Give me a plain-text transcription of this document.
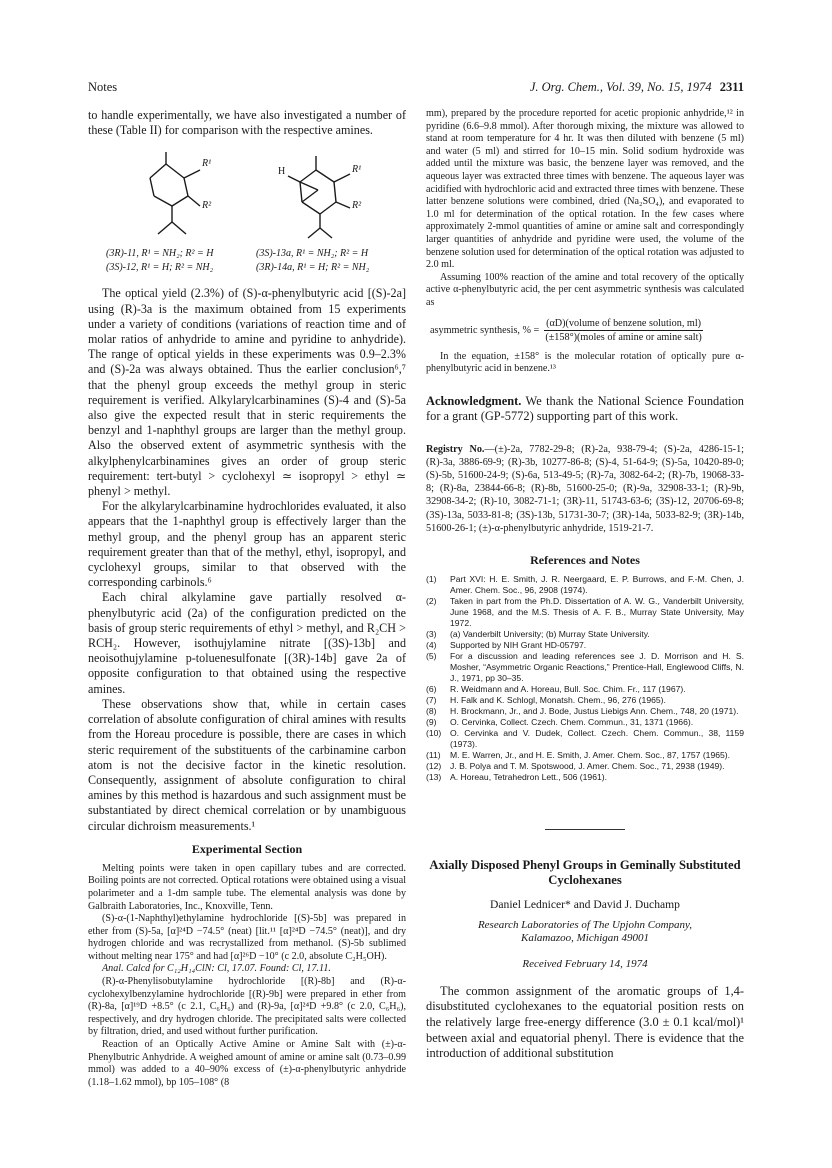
Notes	J. Org. Chem., Vol. 39, No. 15, 1974 2311

to handle experimentally, we have also investigated a number of these (Table II) for comparison with the respective amines.

R¹
R²
H	R¹
R²
(3R)-11, R¹ = NH₂; R² = H
(3S)-12, R¹ = H; R² = NH₂
(3S)-13a, R¹ = NH₂; R² = H
(3R)-14a, R¹ = H; R² = NH₂

The optical yield (2.3%) of (S)-α-phenylbutyric acid [(S)-2a] using (R)-3a is the maximum obtained from 15 experiments under a variety of conditions (variations of reaction time and of molar ratios of anhydride to amine and pyridine to anhydride). The range of optical yields in these experiments was 0.9–2.3% and (S)-2a was always obtained. Thus the earlier conclusion⁶,⁷ that the phenyl group exceeds the methyl group in steric requirement is verified. Alkylarylcarbinamines (S)-4 and (S)-5a also give the expected result that in steric requirements the benzyl and 1-naphthyl groups are larger than the methyl group. Also the observed extent of asymmetric synthesis with the alkylphenylcarbinamines gives an order of group steric requirement: tert-butyl > cyclohexyl ≃ isopropyl > ethyl ≃ phenyl > methyl.

For the alkylarylcarbinamine hydrochlorides evaluated, it also appears that the 1-naphthyl group is effectively larger than the methyl group, and the phenyl group has an apparent steric requirement greater than that of the methyl, ethyl, isopropyl, and cyclohexyl groups, similar to that observed with the corresponding carbinols.⁶

Each chiral alkylamine gave partially resolved α-phenylbutyric acid (2a) of the configuration predicted on the basis of group steric requirements of ethyl > methyl, and R₂CH > RCH₂. However, isothujylamine nitrate [(3S)-13b] and neoisothujylamine p-toluenesulfonate [(3R)-14b] gave 2a of opposite configuration to that obtained using the respective amines.

These observations show that, while in certain cases correlation of absolute configuration of chiral amines with results from the Horeau procedure is possible, there are cases in which steric requirement of the substituents of the carbinamine carbon atom is not the decisive factor in the kinetic resolution. Consequently, assignment of absolute configuration to chiral amines by this method is hazardous and such assignment must be substantiated by direct chemical correlation or by unambiguous circular dichroism measurements.¹

Experimental Section

Melting points were taken in open capillary tubes and are corrected. Boiling points are not corrected. Optical rotations were obtained using a visual polarimeter and a 1-dm sample tube. The elemental analysis was done by Galbraith Laboratories, Inc., Knoxville, Tenn.

(S)-α-(1-Naphthyl)ethylamine hydrochloride [(S)-5b] was prepared in ether from (S)-5a, [α]²⁴D −74.5° (neat) [lit.¹¹ [α]²⁴D −74.5° (neat)], and dry hydrogen chloride and was recrystallized from methanol. (S)-5b sublimed without melting near 175° and had [α]²⁶D −10° (c 2.0, absolute C₂H₅OH).

Anal. Calcd for C₁₂H₁₄ClN: Cl, 17.07. Found: Cl, 17.11.

(R)-α-Phenylisobutylamine hydrochloride [(R)-8b] and (R)-α-cyclohexylbenzylamine hydrochloride [(R)-9b] were prepared in ether from (R)-8a, [α]¹⁹D +8.5° (c 2.1, C₆H₆) and (R)-9a, [α]²⁴D +9.8° (c 2.0, C₆H₆), respectively, and dry hydrogen chloride. The precipitated salts were collected by filtration, dried, and used without further purification.

Reaction of an Optically Active Amine or Amine Salt with (±)-α-Phenylbutric Anhydride. A weighed amount of amine or amine salt (0.73–0.99 mmol) was added to a 40–90% excess of (±)-α-phenylbutyric anhydride (1.18–1.62 mmol), bp 105–108° (8

mm), prepared by the procedure reported for acetic propionic anhydride,¹² in pyridine (6.6–9.8 mmol). After thorough mixing, the mixture was allowed to stand at room temperature for 4 hr. It was then diluted with benzene (5 ml) and water (5 ml) and stirred for 10–15 min. Solid sodium hydroxide was added until the mixture was basic, the benzene layer was removed, and the aqueous layer was extracted three times with benzene. The aqueous layer was acidified with hydrochloric acid and extracted three times with benzene. These latter benzene solutions were combined, dried (Na₂SO₄), and evaporated to 1.0 ml for determination of the optical rotation. In the few cases where approximately 2-mmol quantities of amine or amine salt and correspondingly larger quantities of anhydride and pyridine were used, the volume of the benzene solution used for determination of the optical rotation was adjusted to 2.0 ml.

Assuming 100% reaction of the amine and total recovery of the optically active α-phenylbutyric acid, the per cent asymmetric synthesis was calculated as

asymmetric synthesis, % = $\frac{\text{(αD)(volume of benzene solution, ml)}}{\text{(±158°)(moles of amine or amine salt)}}$

In the equation, ±158° is the molecular rotation of optically pure α-phenylbutyric acid in benzene.¹³

Acknowledgment. We thank the National Science Foundation for a grant (GP-5772) supporting part of this work.

Registry No.—(±)-2a, 7782-29-8; (R)-2a, 938-79-4; (S)-2a, 4286-15-1; (R)-3a, 3886-69-9; (R)-3b, 10277-86-8; (S)-4, 51-64-9; (S)-5a, 10420-89-0; (S)-5b, 51600-24-9; (S)-6a, 513-49-5; (R)-7a, 3082-64-2; (R)-7b, 19068-33-8; (R)-8a, 23844-66-8; (R)-8b, 51600-25-0; (R)-9a, 32908-33-1; (R)-9b, 32908-34-2; (R)-10, 3082-71-1; (3R)-11, 51743-63-6; (3S)-12, 20706-69-8; (3S)-13a, 5033-81-8; (3S)-13b, 51731-30-7; (3R)-14a, 5033-82-9; (3R)-14b, 51600-26-1; (±)-α-phenylbutyric anhydride, 1519-21-7.

References and Notes
(1)	Part XVI: H. E. Smith, J. R. Neergaard, E. P. Burrows, and F.-M. Chen, J. Amer. Chem. Soc., 96, 2908 (1974).
(2)	Taken in part from the Ph.D. Dissertation of A. W. G., Vanderbilt University, June 1968, and the M.S. Thesis of A. F. B., Murray State University, May 1972.
(3)	(a) Vanderbilt University; (b) Murray State University.
(4)	Supported by NIH Grant HD-05797.
(5)	For a discussion and leading references see J. D. Morrison and H. S. Mosher, “Asymmetric Organic Reactions,” Prentice-Hall, Englewood Cliffs, N. J., 1971, pp 30–35.
(6)	R. Weidmann and A. Horeau, Bull. Soc. Chim. Fr., 117 (1967).
(7)	H. Falk and K. Schlogl, Monatsh. Chem., 96, 276 (1965).
(8)	H. Brockmann, Jr., and J. Bode, Justus Liebigs Ann. Chem., 748, 20 (1971).
(9)	O. Cervinka, Collect. Czech. Chem. Commun., 31, 1371 (1966).
(10)	O. Cervinka and V. Dudek, Collect. Czech. Chem. Commun., 38, 1159 (1973).
(11)	M. E. Warren, Jr., and H. E. Smith, J. Amer. Chem. Soc., 87, 1757 (1965).
(12)	J. B. Polya and T. M. Spotswood, J. Amer. Chem. Soc., 71, 2938 (1949).
(13)	A. Horeau, Tetrahedron Lett., 506 (1961).
Axially Disposed Phenyl Groups in Geminally Substituted Cyclohexanes
Daniel Lednicer* and David J. Duchamp
Research Laboratories of The Upjohn Company,
Kalamazoo, Michigan 49001
Received February 14, 1974

The common assignment of the aromatic groups of 1,4-disubstituted cyclohexanes to the equatorial position rests on the relatively large free-energy difference (3.0 ± 0.1 kcal/mol)¹ between axial and equatorial phenyl. There is evidence that the introduction of additional substitution
